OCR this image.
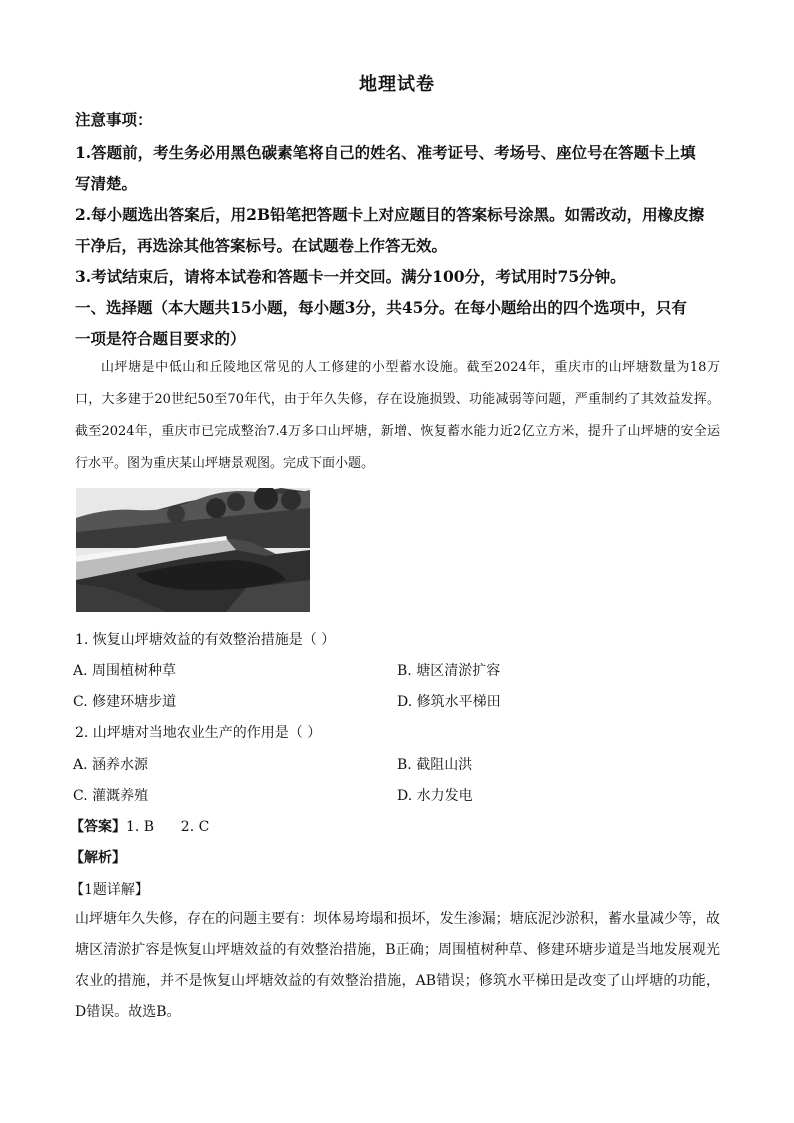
地理试卷
注意事项：
1.答题前，考生务必用黑色碳素笔将自己的姓名、准考证号、考场号、座位号在答题卡上填
写清楚。
2.每小题选出答案后，用2B铅笔把答题卡上对应题目的答案标号涂黑。如需改动，用橡皮擦
干净后，再选涂其他答案标号。在试题卷上作答无效。
3.考试结束后，请将本试卷和答题卡一并交回。满分100分，考试用时75分钟。
一、选择题（本大题共15小题，每小题3分，共45分。在每小题给出的四个选项中，只有
一项是符合题目要求的）
山坪塘是中低山和丘陵地区常见的人工修建的小型蓄水设施。截至2024年，重庆市的山坪塘数量为18万口，大多建于20世纪50至70年代，由于年久失修，存在设施损毁、功能减弱等问题，严重制约了其效益发挥。截至2024年，重庆市已完成整治7.4万多口山坪塘，新增、恢复蓄水能力近2亿立方米，提升了山坪塘的安全运行水平。图为重庆某山坪塘景观图。完成下面小题。
1. 恢复山坪塘效益的有效整治措施是（ ）
A. 周围植树种草	B. 塘区清淤扩容
C. 修建环塘步道	D. 修筑水平梯田
2. 山坪塘对当地农业生产的作用是（ ）
A. 涵养水源	B. 截阻山洪
C. 灌溉养殖	D. 水力发电
【答案】1. B      2. C
【解析】
【1题详解】
山坪塘年久失修，存在的问题主要有：坝体易垮塌和损坏，发生渗漏；塘底泥沙淤积，蓄水量减少等，故塘区清淤扩容是恢复山坪塘效益的有效整治措施，B正确；周围植树种草、修建环塘步道是当地发展观光农业的措施，并不是恢复山坪塘效益的有效整治措施，AB错误；修筑水平梯田是改变了山坪塘的功能，D错误。故选B。
